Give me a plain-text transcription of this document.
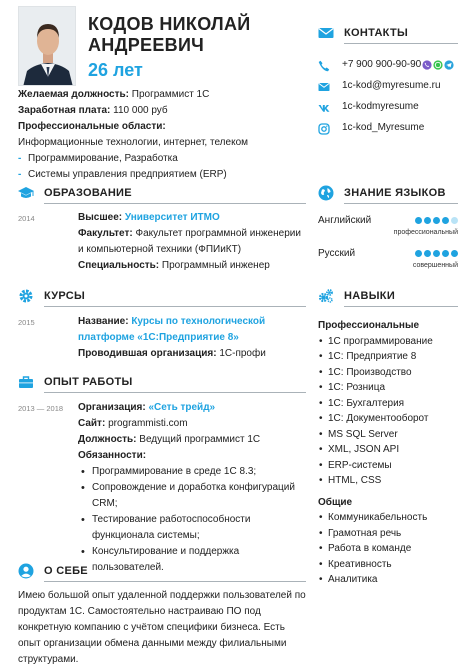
КОДОВ НИКОЛАЙ АНДРЕЕВИЧ
26 лет
Желаемая должность: Программист 1С
Заработная плата: 110 000 руб
Профессиональные области:
Информационные технологии, интернет, телеком
- Программирование, Разработка
- Системы управления предприятием (ERP)
ОБРАЗОВАНИЕ
2014	Высшее: Университет ИТМО
Факультет: Факультет программной инженерии и компьютерной техники (ФПИиКТ)
Специальность: Программный инженер
КУРСЫ
2015	Название: Курсы по технологической платформе «1С:Предприятие 8»
Проводившая организация: 1С-профи
ОПЫТ РАБОТЫ
2013 — 2018 Организация: «Сеть трейд»
Сайт: programmisti.com
Должность: Ведущий программист 1С
Обязанности:
• Программирование в среде 1С 8.3;
• Сопровождение и доработка конфигураций CRM;
• Тестирование работоспособности функционала системы;
• Консультирование и поддержка пользователей.
О СЕБЕ
Имею большой опыт удаленной поддержки пользователей по продуктам 1С. Самостоятельно настраиваю ПО под конкретную компанию с учётом специфики бизнеса. Есть опыт организации обмена данными между филиальными структурами.
КОНТАКТЫ
+7 900 900-90-90
1c-kod@myresume.ru
1c-kodmyresume
1c-kod_Myresume
ЗНАНИЕ ЯЗЫКОВ
Английский
профессиональный
Русский
совершенный
НАВЫКИ
Профессиональные
• 1С программирование
• 1С: Предприятие 8
• 1С: Производство
• 1С: Розница
• 1С: Бухгалтерия
• 1С: Документооборот
• MS SQL Server
• XML, JSON API
• ERP-системы
• HTML, CSS
Общие
• Коммуникабельность
• Грамотная речь
• Работа в команде
• Креативность
• Аналитика
